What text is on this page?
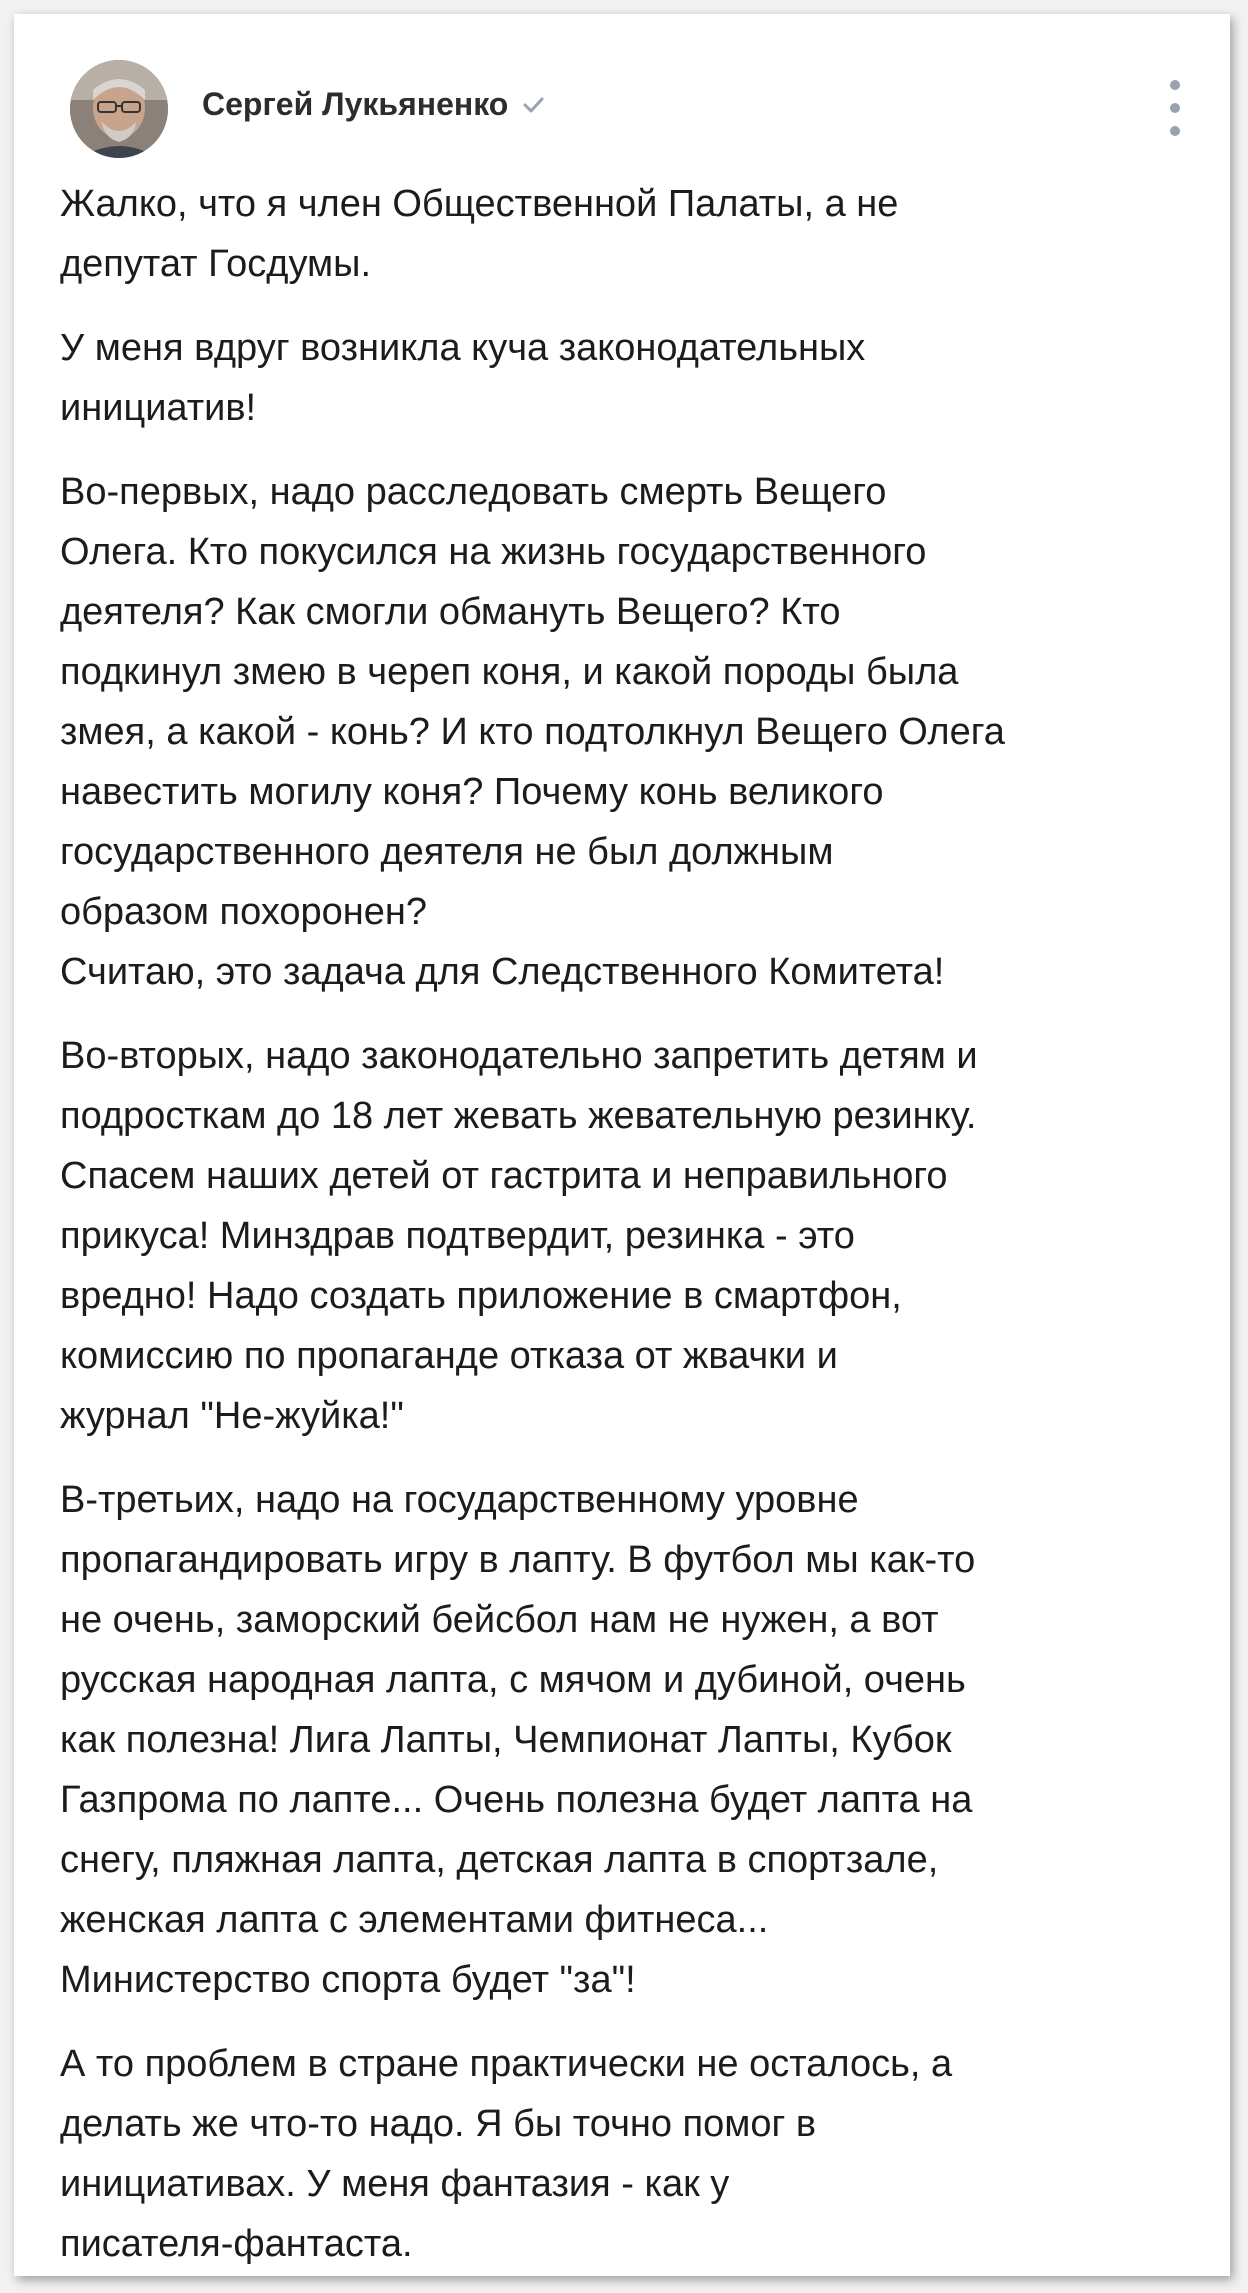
Сергей Лукьяненко

Жалко, что я член Общественной Палаты, а не
депутат Госдумы.

У меня вдруг возникла куча законодательных
инициатив!

Во-первых, надо расследовать смерть Вещего
Олега. Кто покусился на жизнь государственного
деятеля? Как смогли обмануть Вещего? Кто
подкинул змею в череп коня, и какой породы была
змея, а какой - конь? И кто подтолкнул Вещего Олега
навестить могилу коня? Почему конь великого
государственного деятеля не был должным
образом похоронен?
Считаю, это задача для Следственного Комитета!

Во-вторых, надо законодательно запретить детям и
подросткам до 18 лет жевать жевательную резинку.
Спасем наших детей от гастрита и неправильного
прикуса! Минздрав подтвердит, резинка - это
вредно! Надо создать приложение в смартфон,
комиссию по пропаганде отказа от жвачки и
журнал "Не-жуйка!"

В-третьих, надо на государственному уровне
пропагандировать игру в лапту. В футбол мы как-то
не очень, заморский бейсбол нам не нужен, а вот
русская народная лапта, с мячом и дубиной, очень
как полезна! Лига Лапты, Чемпионат Лапты, Кубок
Газпрома по лапте... Очень полезна будет лапта на
снегу, пляжная лапта, детская лапта в спортзале,
женская лапта с элементами фитнеса...
Министерство спорта будет "за"!

А то проблем в стране практически не осталось, а
делать же что-то надо. Я бы точно помог в
инициативах. У меня фантазия - как у
писателя-фантаста.
